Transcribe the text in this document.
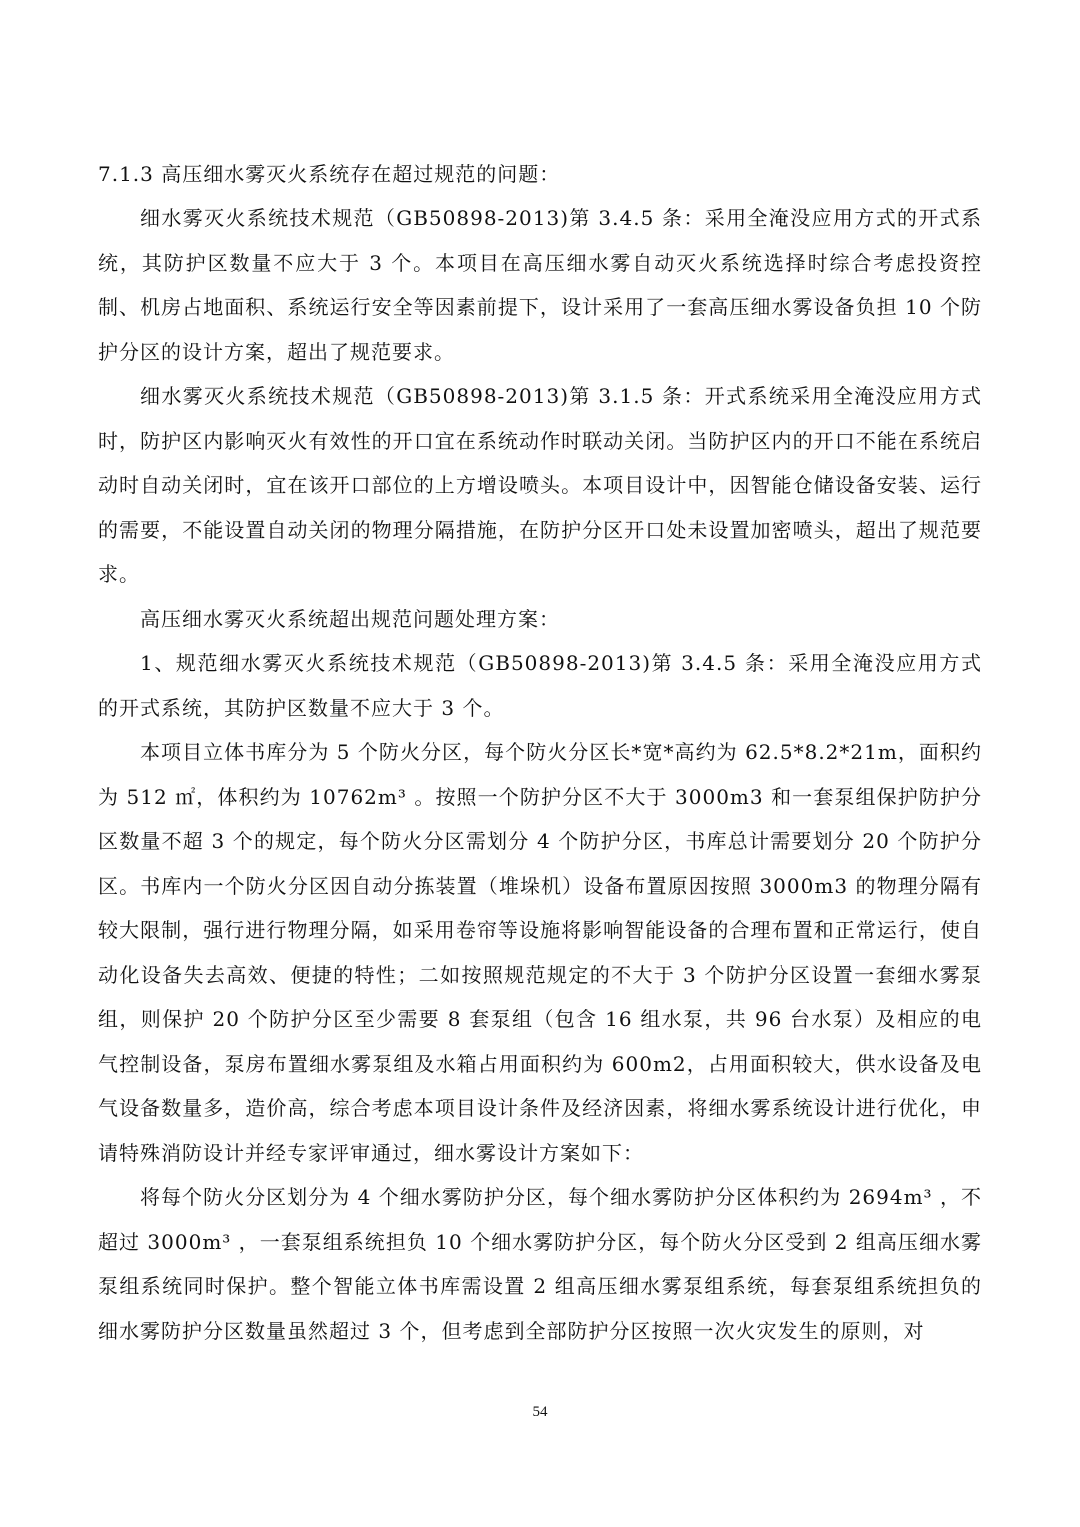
7.1.3 高压细水雾灭火系统存在超过规范的问题：

细水雾灭火系统技术规范（GB50898-2013)第 3.4.5 条：采用全淹没应用方式的开式系统，其防护区数量不应大于 3 个。本项目在高压细水雾自动灭火系统选择时综合考虑投资控制、机房占地面积、系统运行安全等因素前提下，设计采用了一套高压细水雾设备负担 10 个防护分区的设计方案，超出了规范要求。

细水雾灭火系统技术规范（GB50898-2013)第 3.1.5 条：开式系统采用全淹没应用方式时，防护区内影响灭火有效性的开口宜在系统动作时联动关闭。当防护区内的开口不能在系统启动时自动关闭时，宜在该开口部位的上方增设喷头。本项目设计中，因智能仓储设备安装、运行的需要，不能设置自动关闭的物理分隔措施，在防护分区开口处未设置加密喷头，超出了规范要求。

高压细水雾灭火系统超出规范问题处理方案：

1、规范细水雾灭火系统技术规范（GB50898-2013)第 3.4.5 条：采用全淹没应用方式的开式系统，其防护区数量不应大于 3 个。

本项目立体书库分为 5 个防火分区，每个防火分区长*宽*高约为 62.5*8.2*21m，面积约为 512 ㎡，体积约为 10762m³ 。按照一个防护分区不大于 3000m3 和一套泵组保护防护分区数量不超 3 个的规定，每个防火分区需划分 4 个防护分区，书库总计需要划分 20 个防护分区。书库内一个防火分区因自动分拣装置（堆垛机）设备布置原因按照 3000m3 的物理分隔有较大限制，强行进行物理分隔，如采用卷帘等设施将影响智能设备的合理布置和正常运行，使自动化设备失去高效、便捷的特性；二如按照规范规定的不大于 3 个防护分区设置一套细水雾泵组，则保护 20 个防护分区至少需要 8 套泵组（包含 16 组水泵，共 96 台水泵）及相应的电气控制设备，泵房布置细水雾泵组及水箱占用面积约为 600m2，占用面积较大，供水设备及电气设备数量多，造价高，综合考虑本项目设计条件及经济因素，将细水雾系统设计进行优化，申请特殊消防设计并经专家评审通过，细水雾设计方案如下：

将每个防火分区划分为 4 个细水雾防护分区，每个细水雾防护分区体积约为 2694m³ ，不超过 3000m³ ，一套泵组系统担负 10 个细水雾防护分区，每个防火分区受到 2 组高压细水雾泵组系统同时保护。整个智能立体书库需设置 2 组高压细水雾泵组系统，每套泵组系统担负的细水雾防护分区数量虽然超过 3 个，但考虑到全部防护分区按照一次火灾发生的原则，对

54
